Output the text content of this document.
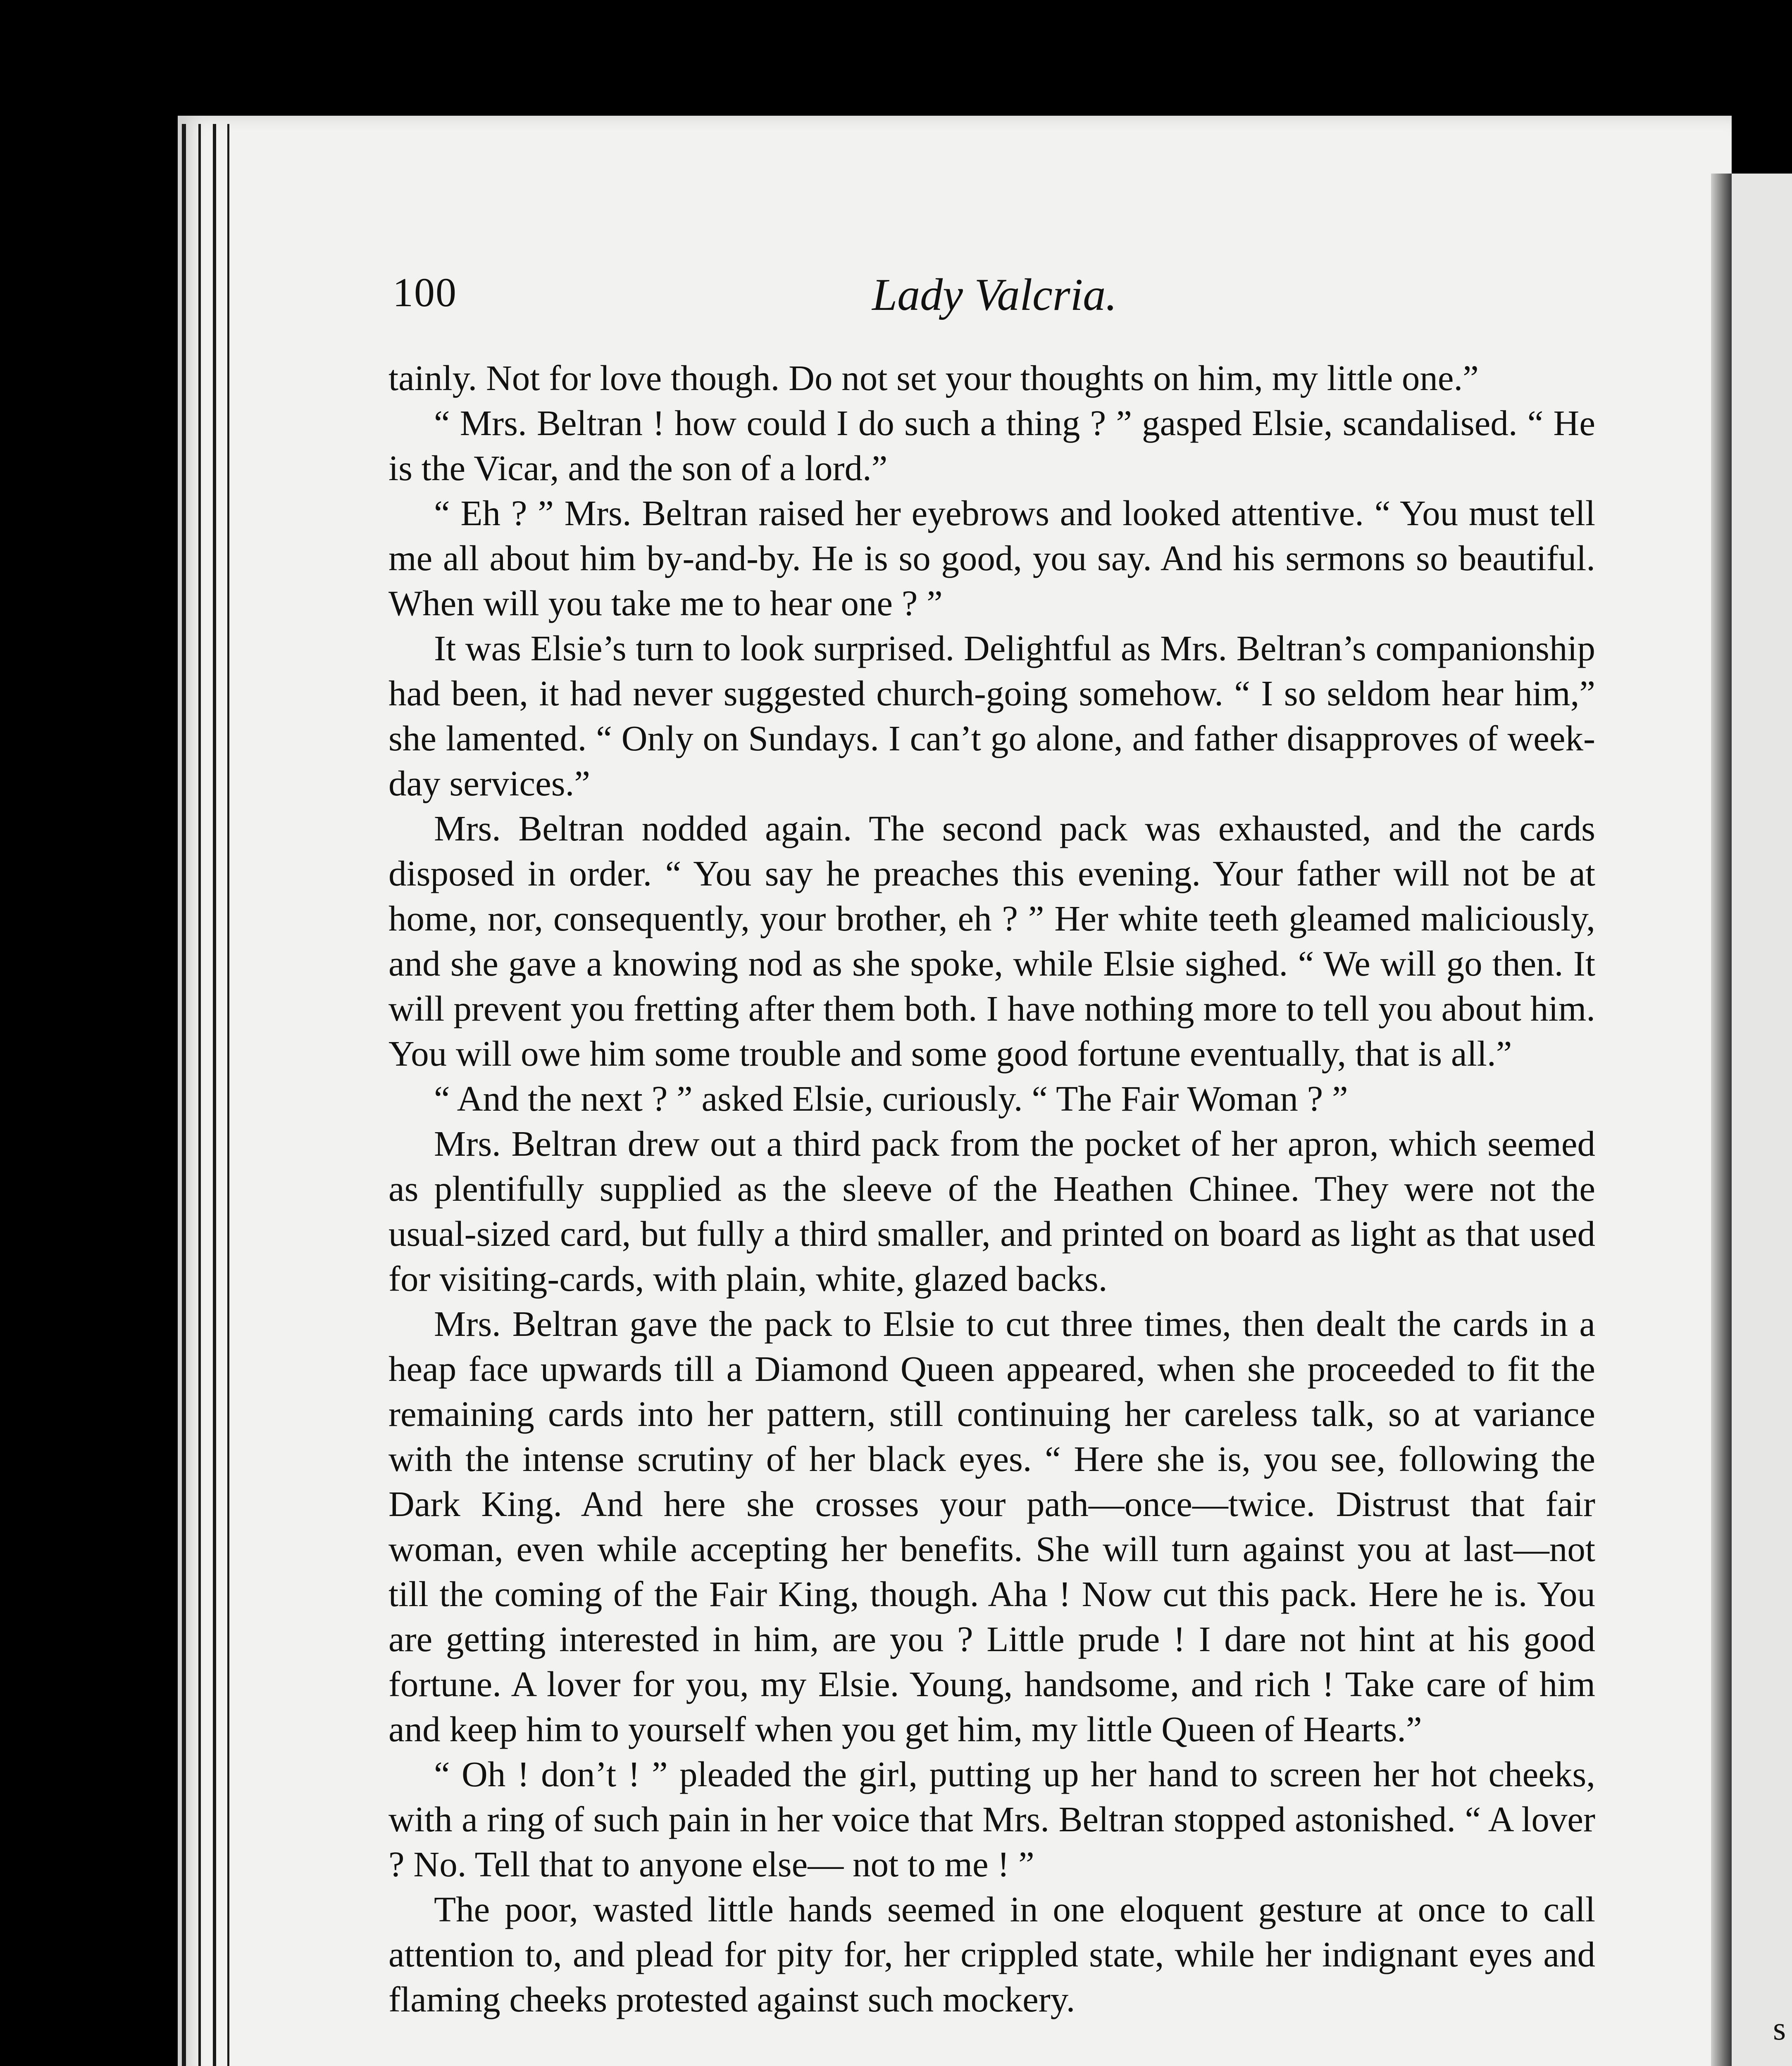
s
100	Lady Valcria.

tainly. Not for love though. Do not set your thoughts on him, my little one.”

“ Mrs. Beltran ! how could I do such a thing ? ” gasped Elsie, scandalised. “ He is the Vicar, and the son of a lord.”

“ Eh ? ” Mrs. Beltran raised her eyebrows and looked attentive. “ You must tell me all about him by-and-by. He is so good, you say. And his sermons so beautiful. When will you take me to hear one ? ”

It was Elsie’s turn to look surprised. Delightful as Mrs. Beltran’s companionship had been, it had never suggested church-going somehow. “ I so seldom hear him,” she lamented. “ Only on Sundays. I can’t go alone, and father disapproves of week-day services.”

Mrs. Beltran nodded again. The second pack was exhausted, and the cards disposed in order. “ You say he preaches this evening. Your father will not be at home, nor, consequently, your brother, eh ? ” Her white teeth gleamed maliciously, and she gave a knowing nod as she spoke, while Elsie sighed. “ We will go then. It will prevent you fretting after them both. I have nothing more to tell you about him. You will owe him some trouble and some good fortune eventually, that is all.”

“ And the next ? ” asked Elsie, curiously. “ The Fair Woman ? ”

Mrs. Beltran drew out a third pack from the pocket of her apron, which seemed as plentifully supplied as the sleeve of the Heathen Chinee. They were not the usual-sized card, but fully a third smaller, and printed on board as light as that used for visiting-cards, with plain, white, glazed backs.

Mrs. Beltran gave the pack to Elsie to cut three times, then dealt the cards in a heap face upwards till a Diamond Queen appeared, when she proceeded to fit the remaining cards into her pattern, still continuing her careless talk, so at variance with the intense scrutiny of her black eyes. “ Here she is, you see, following the Dark King. And here she crosses your path—once—twice. Distrust that fair woman, even while accepting her benefits. She will turn against you at last—not till the coming of the Fair King, though. Aha ! Now cut this pack. Here he is. You are getting interested in him, are you ? Little prude ! I dare not hint at his good fortune. A lover for you, my Elsie. Young, handsome, and rich ! Take care of him and keep him to yourself when you get him, my little Queen of Hearts.”

“ Oh ! don’t ! ” pleaded the girl, putting up her hand to screen her hot cheeks, with a ring of such pain in her voice that Mrs. Beltran stopped astonished. “ A lover ? No. Tell that to anyone else— not to me ! ”

The poor, wasted little hands seemed in one eloquent gesture at once to call attention to, and plead for pity for, her crippled state, while her indignant eyes and flaming cheeks protested against such mockery.
